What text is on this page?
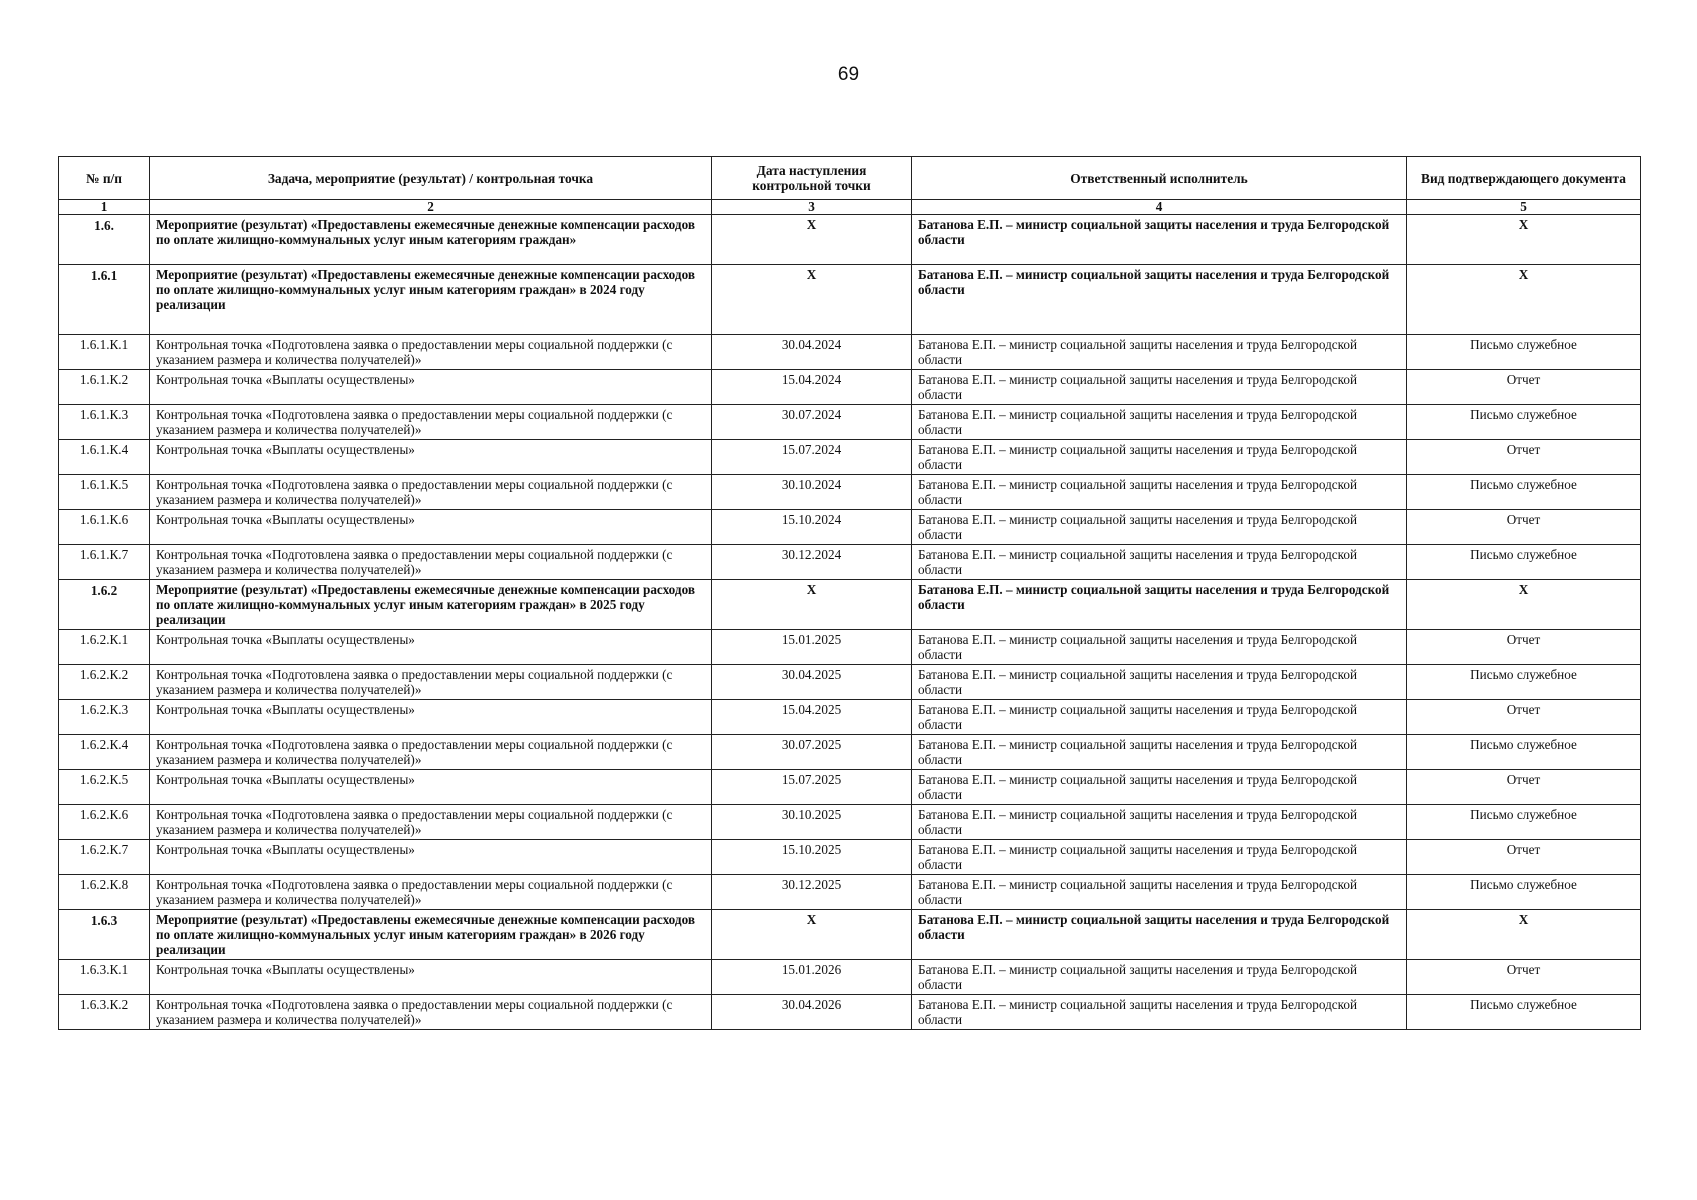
69
№ п/п	Задача, мероприятие (результат) / контрольная точка	Дата наступления контрольной точки	Ответственный исполнитель	Вид подтверждающего документа
1	2	3	4	5
1.6.	Мероприятие (результат) «Предоставлены ежемесячные денежные компенсации расходов по оплате жилищно-коммунальных услуг иным категориям граждан»	Х	Батанова Е.П. – министр социальной защиты населения и труда Белгородской области	Х
1.6.1	Мероприятие (результат) «Предоставлены ежемесячные денежные компенсации расходов по оплате жилищно-коммунальных услуг иным категориям граждан» в 2024 году реализации	Х	Батанова Е.П. – министр социальной защиты населения и труда Белгородской области	Х
1.6.1.К.1	Контрольная точка «Подготовлена заявка о предоставлении меры социальной поддержки (с указанием размера и количества получателей)»	30.04.2024	Батанова Е.П. – министр социальной защиты населения и труда Белгородской области	Письмо служебное
1.6.1.К.2	Контрольная точка «Выплаты осуществлены»	15.04.2024	Батанова Е.П. – министр социальной защиты населения и труда Белгородской области	Отчет
1.6.1.К.3	Контрольная точка «Подготовлена заявка о предоставлении меры социальной поддержки (с указанием размера и количества получателей)»	30.07.2024	Батанова Е.П. – министр социальной защиты населения и труда Белгородской области	Письмо служебное
1.6.1.К.4	Контрольная точка «Выплаты осуществлены»	15.07.2024	Батанова Е.П. – министр социальной защиты населения и труда Белгородской области	Отчет
1.6.1.К.5	Контрольная точка «Подготовлена заявка о предоставлении меры социальной поддержки (с указанием размера и количества получателей)»	30.10.2024	Батанова Е.П. – министр социальной защиты населения и труда Белгородской области	Письмо служебное
1.6.1.К.6	Контрольная точка «Выплаты осуществлены»	15.10.2024	Батанова Е.П. – министр социальной защиты населения и труда Белгородской области	Отчет
1.6.1.К.7	Контрольная точка «Подготовлена заявка о предоставлении меры социальной поддержки (с указанием размера и количества получателей)»	30.12.2024	Батанова Е.П. – министр социальной защиты населения и труда Белгородской области	Письмо служебное
1.6.2	Мероприятие (результат) «Предоставлены ежемесячные денежные компенсации расходов по оплате жилищно-коммунальных услуг иным категориям граждан» в 2025 году реализации	Х	Батанова Е.П. – министр социальной защиты населения и труда Белгородской области	Х
1.6.2.К.1	Контрольная точка «Выплаты осуществлены»	15.01.2025	Батанова Е.П. – министр социальной защиты населения и труда Белгородской области	Отчет
1.6.2.К.2	Контрольная точка «Подготовлена заявка о предоставлении меры социальной поддержки (с указанием размера и количества получателей)»	30.04.2025	Батанова Е.П. – министр социальной защиты населения и труда Белгородской области	Письмо служебное
1.6.2.К.3	Контрольная точка «Выплаты осуществлены»	15.04.2025	Батанова Е.П. – министр социальной защиты населения и труда Белгородской области	Отчет
1.6.2.К.4	Контрольная точка «Подготовлена заявка о предоставлении меры социальной поддержки (с указанием размера и количества получателей)»	30.07.2025	Батанова Е.П. – министр социальной защиты населения и труда Белгородской области	Письмо служебное
1.6.2.К.5	Контрольная точка «Выплаты осуществлены»	15.07.2025	Батанова Е.П. – министр социальной защиты населения и труда Белгородской области	Отчет
1.6.2.К.6	Контрольная точка «Подготовлена заявка о предоставлении меры социальной поддержки (с указанием размера и количества получателей)»	30.10.2025	Батанова Е.П. – министр социальной защиты населения и труда Белгородской области	Письмо служебное
1.6.2.К.7	Контрольная точка «Выплаты осуществлены»	15.10.2025	Батанова Е.П. – министр социальной защиты населения и труда Белгородской области	Отчет
1.6.2.К.8	Контрольная точка «Подготовлена заявка о предоставлении меры социальной поддержки (с указанием размера и количества получателей)»	30.12.2025	Батанова Е.П. – министр социальной защиты населения и труда Белгородской области	Письмо служебное
1.6.3	Мероприятие (результат) «Предоставлены ежемесячные денежные компенсации расходов по оплате жилищно-коммунальных услуг иным категориям граждан» в 2026 году реализации	Х	Батанова Е.П. – министр социальной защиты населения и труда Белгородской области	Х
1.6.3.К.1	Контрольная точка «Выплаты осуществлены»	15.01.2026	Батанова Е.П. – министр социальной защиты населения и труда Белгородской области	Отчет
1.6.3.К.2	Контрольная точка «Подготовлена заявка о предоставлении меры социальной поддержки (с указанием размера и количества получателей)»	30.04.2026	Батанова Е.П. – министр социальной защиты населения и труда Белгородской области	Письмо служебное
